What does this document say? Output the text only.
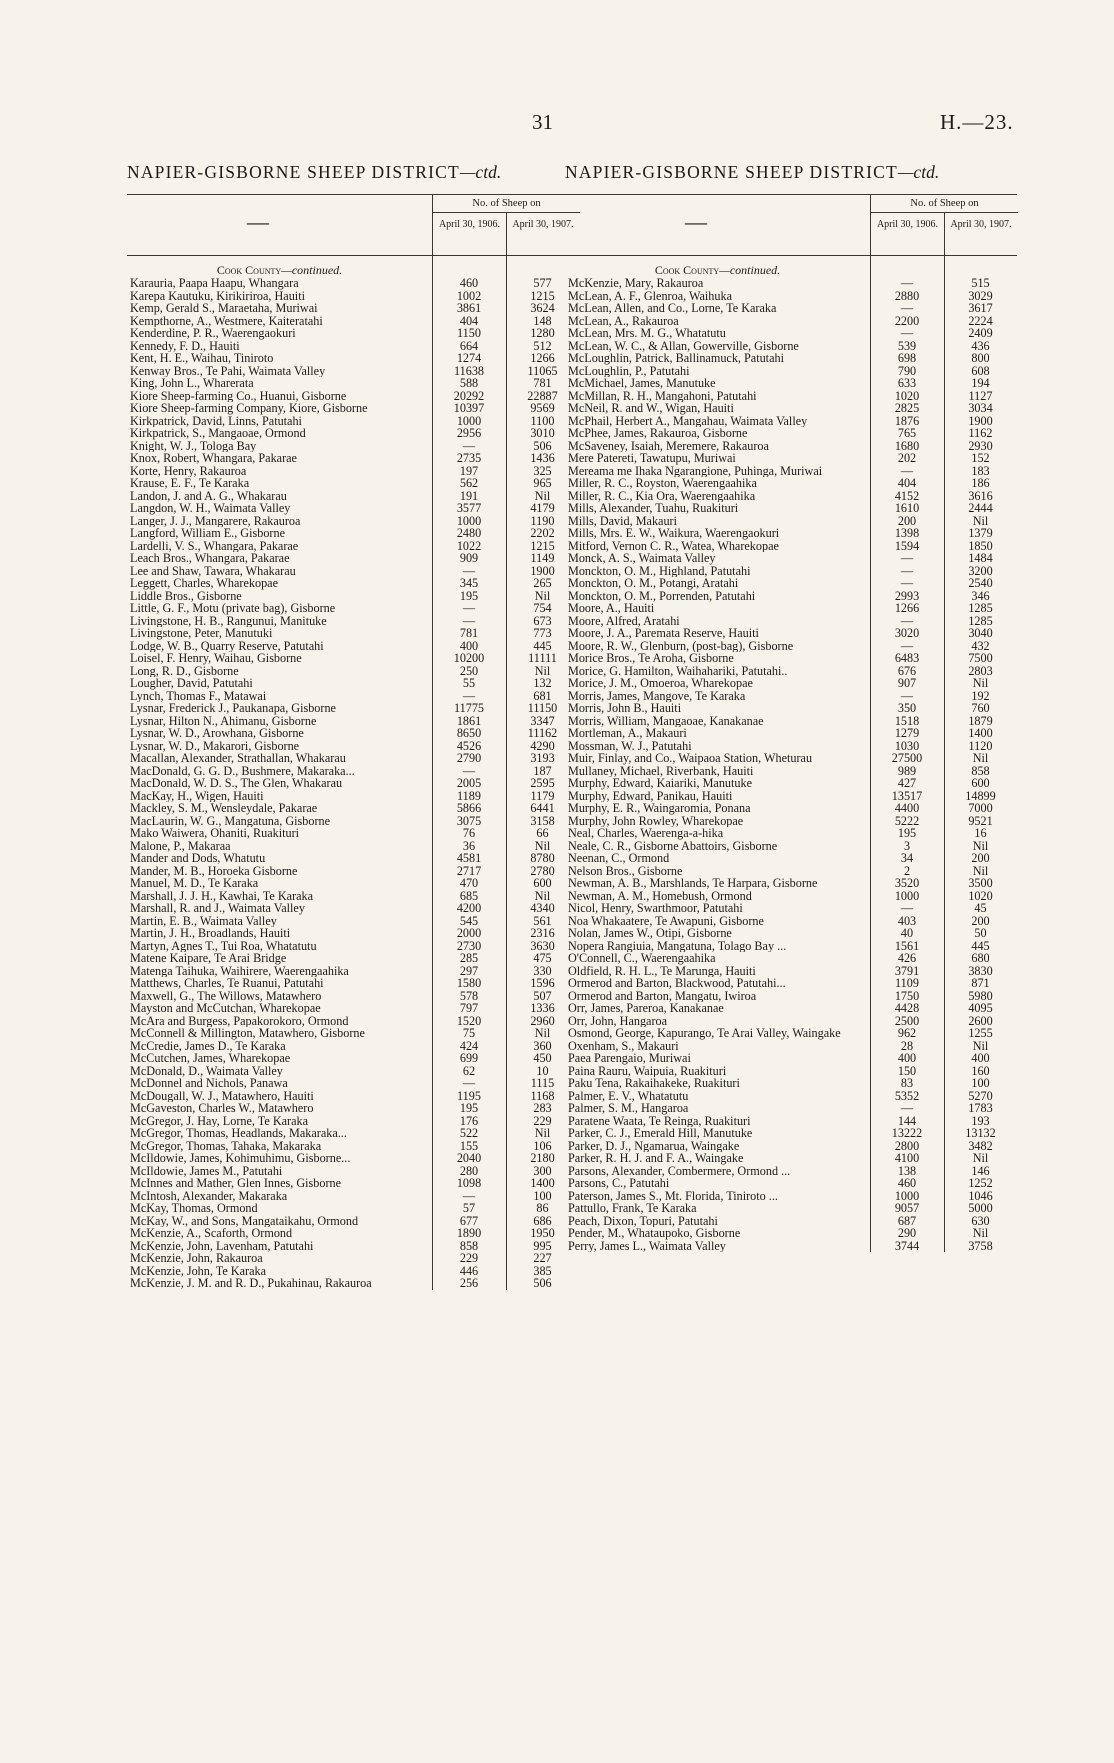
31	H.—23.
NAPIER-GISBORNE SHEEP DISTRICT—ctd.
—
No. of Sheep on
April 30, 1906.	April 30, 1907.
Cook County—continued.
Karauria, Paapa Haapu, Whangara	460	577
Karepa Kautuku, Kirikiriroa, Hauiti	1002	1215
Kemp, Gerald S., Maraetaha, Muriwai	3861	3624
Kempthorne, A., Westmere, Kaiteratahi	404	148
Kenderdine, P. R., Waerengaokuri	1150	1280
Kennedy, F. D., Hauiti	664	512
Kent, H. E., Waihau, Tiniroto	1274	1266
Kenway Bros., Te Pahi, Waimata Valley	11638	11065
King, John L., Wharerata	588	781
Kiore Sheep-farming Co., Huanui, Gisborne	20292	22887
Kiore Sheep-farming Company, Kiore, Gisborne	10397	9569
Kirkpatrick, David, Linns, Patutahi	1000	1100
Kirkpatrick, S., Mangaoae, Ormond	2956	3010
Knight, W. J., Tologa Bay	—	506
Knox, Robert, Whangara, Pakarae	2735	1436
Korte, Henry, Rakauroa	197	325
Krause, E. F., Te Karaka	562	965
Landon, J. and A. G., Whakarau	191	Nil
Langdon, W. H., Waimata Valley	3577	4179
Langer, J. J., Mangarere, Rakauroa	1000	1190
Langford, William E., Gisborne	2480	2202
Lardelli, V. S., Whangara, Pakarae	1022	1215
Leach Bros., Whangara, Pakarae	909	1149
Lee and Shaw, Tawara, Whakarau	—	1900
Leggett, Charles, Wharekopae	345	265
Liddle Bros., Gisborne	195	Nil
Little, G. F., Motu (private bag), Gisborne	—	754
Livingstone, H. B., Rangunui, Manituke	—	673
Livingstone, Peter, Manutuki	781	773
Lodge, W. B., Quarry Reserve, Patutahi	400	445
Loisel, F. Henry, Waihau, Gisborne	10200	11111
Long, R. D., Gisborne	250	Nil
Lougher, David, Patutahi	55	132
Lynch, Thomas F., Matawai	—	681
Lysnar, Frederick J., Paukanapa, Gisborne	11775	11150
Lysnar, Hilton N., Ahimanu, Gisborne	1861	3347
Lysnar, W. D., Arowhana, Gisborne	8650	11162
Lysnar, W. D., Makarori, Gisborne	4526	4290
Macallan, Alexander, Strathallan, Whakarau	2790	3193
MacDonald, G. G. D., Bushmere, Makaraka...	—	187
MacDonald, W. D. S., The Glen, Whakarau	2005	2595
MacKay, H., Wigen, Hauiti	1189	1179
Mackley, S. M., Wensleydale, Pakarae	5866	6441
MacLaurin, W. G., Mangatuna, Gisborne	3075	3158
Mako Waiwera, Ohaniti, Ruakituri	76	66
Malone, P., Makaraa	36	Nil
Mander and Dods, Whatutu	4581	8780
Mander, M. B., Horoeka Gisborne	2717	2780
Manuel, M. D., Te Karaka	470	600
Marshall, J. J. H., Kawhai, Te Karaka	685	Nil
Marshall, R. and J., Waimata Valley	4200	4340
Martin, E. B., Waimata Valley	545	561
Martin, J. H., Broadlands, Hauiti	2000	2316
Martyn, Agnes T., Tui Roa, Whatatutu	2730	3630
Matene Kaipare, Te Arai Bridge	285	475
Matenga Taihuka, Waihirere, Waerengaahika	297	330
Matthews, Charles, Te Ruanui, Patutahi	1580	1596
Maxwell, G., The Willows, Matawhero	578	507
Mayston and McCutchan, Wharekopae	797	1336
McAra and Burgess, Papakorokoro, Ormond	1520	2960
McConnell & Millington, Matawhero, Gisborne	75	Nil
McCredie, James D., Te Karaka	424	360
McCutchen, James, Wharekopae	699	450
McDonald, D., Waimata Valley	62	10
McDonnel and Nichols, Panawa	—	1115
McDougall, W. J., Matawhero, Hauiti	1195	1168
McGaveston, Charles W., Matawhero	195	283
McGregor, J. Hay, Lorne, Te Karaka	176	229
McGregor, Thomas, Headlands, Makaraka...	522	Nil
McGregor, Thomas, Tahaka, Makaraka	155	106
McIldowie, James, Kohimuhimu, Gisborne...	2040	2180
McIldowie, James M., Patutahi	280	300
McInnes and Mather, Glen Innes, Gisborne	1098	1400
McIntosh, Alexander, Makaraka	—	100
McKay, Thomas, Ormond	57	86
McKay, W., and Sons, Mangataikahu, Ormond	677	686
McKenzie, A., Scaforth, Ormond	1890	1950
McKenzie, John, Lavenham, Patutahi	858	995
McKenzie, John, Rakauroa	229	227
McKenzie, John, Te Karaka	446	385
McKenzie, J. M. and R. D., Pukahinau, Rakauroa	256	506
NAPIER-GISBORNE SHEEP DISTRICT—ctd.
—
No. of Sheep on
April 30, 1906.	April 30, 1907.
Cook County—continued.
McKenzie, Mary, Rakauroa	—	515
McLean, A. F., Glenroa, Waihuka	2880	3029
McLean, Allen, and Co., Lorne, Te Karaka	—	3617
McLean, A., Rakauroa	2200	2224
McLean, Mrs. M. G., Whatatutu	—	2409
McLean, W. C., & Allan, Gowerville, Gisborne	539	436
McLoughlin, Patrick, Ballinamuck, Patutahi	698	800
McLoughlin, P., Patutahi	790	608
McMichael, James, Manutuke	633	194
McMillan, R. H., Mangahoni, Patutahi	1020	1127
McNeil, R. and W., Wigan, Hauiti	2825	3034
McPhail, Herbert A., Mangahau, Waimata Valley	1876	1900
McPhee, James, Rakauroa, Gisborne	765	1162
McSaveney, Isaiah, Meremere, Rakauroa	1680	2930
Mere Patereti, Tawatupu, Muriwai	202	152
Mereama me Ihaka Ngarangione, Puhinga, Muriwai	—	183
Miller, R. C., Royston, Waerengaahika	404	186
Miller, R. C., Kia Ora, Waerengaahika	4152	3616
Mills, Alexander, Tuahu, Ruakituri	1610	2444
Mills, David, Makauri	200	Nil
Mills, Mrs. E. W., Waikura, Waerengaokuri	1398	1379
Mitford, Vernon C. R., Watea, Wharekopae	1594	1850
Monck, A. S., Waimata Valley	—	1484
Monckton, O. M., Highland, Patutahi	—	3200
Monckton, O. M., Potangi, Aratahi	—	2540
Monckton, O. M., Porrenden, Patutahi	2993	346
Moore, A., Hauiti	1266	1285
Moore, Alfred, Aratahi	—	1285
Moore, J. A., Paremata Reserve, Hauiti	3020	3040
Moore, R. W., Glenburn, (post-bag), Gisborne	—	432
Morice Bros., Te Aroha, Gisborne	6483	7500
Morice, G. Hamilton, Waihahariki, Patutahi..	676	2803
Morice, J. M., Omoeroa, Wharekopae	907	Nil
Morris, James, Mangove, Te Karaka	—	192
Morris, John B., Hauiti	350	760
Morris, William, Mangaoae, Kanakanae	1518	1879
Mortleman, A., Makauri	1279	1400
Mossman, W. J., Patutahi	1030	1120
Muir, Finlay, and Co., Waipaoa Station, Wheturau	27500	Nil
Mullaney, Michael, Riverbank, Hauiti	989	858
Murphy, Edward, Kaiariki, Manutuke	427	600
Murphy, Edward, Panikau, Hauiti	13517	14899
Murphy, E. R., Waingaromia, Ponana	4400	7000
Murphy, John Rowley, Wharekopae	5222	9521
Neal, Charles, Waerenga-a-hika	195	16
Neale, C. R., Gisborne Abattoirs, Gisborne	3	Nil
Neenan, C., Ormond	34	200
Nelson Bros., Gisborne	2	Nil
Newman, A. B., Marshlands, Te Harpara, Gisborne	3520	3500
Newman, A. M., Homebush, Ormond	1000	1020
Nicol, Henry, Swarthmoor, Patutahi	—	45
Noa Whakaatere, Te Awapuni, Gisborne	403	200
Nolan, James W., Otipi, Gisborne	40	50
Nopera Rangiuia, Mangatuna, Tolago Bay ...	1561	445
O'Connell, C., Waerengaahika	426	680
Oldfield, R. H. L., Te Marunga, Hauiti	3791	3830
Ormerod and Barton, Blackwood, Patutahi...	1109	871
Ormerod and Barton, Mangatu, Iwiroa	1750	5980
Orr, James, Pareroa, Kanakanae	4428	4095
Orr, John, Hangaroa	2500	2600
Osmond, George, Kapurango, Te Arai Valley, Waingake	962	1255
Oxenham, S., Makauri	28	Nil
Paea Parengaio, Muriwai	400	400
Paina Rauru, Waipuia, Ruakituri	150	160
Paku Tena, Rakaihakeke, Ruakituri	83	100
Palmer, E. V., Whatatutu	5352	5270
Palmer, S. M., Hangaroa	—	1783
Paratene Waata, Te Reinga, Ruakituri	144	193
Parker, C. J., Emerald Hill, Manutuke	13222	13132
Parker, D. J., Ngamarua, Waingake	2800	3482
Parker, R. H. J. and F. A., Waingake	4100	Nil
Parsons, Alexander, Combermere, Ormond ...	138	146
Parsons, C., Patutahi	460	1252
Paterson, James S., Mt. Florida, Tiniroto ...	1000	1046
Pattullo, Frank, Te Karaka	9057	5000
Peach, Dixon, Topuri, Patutahi	687	630
Pender, M., Whataupoko, Gisborne	290	Nil
Perry, James L., Waimata Valley	3744	3758
